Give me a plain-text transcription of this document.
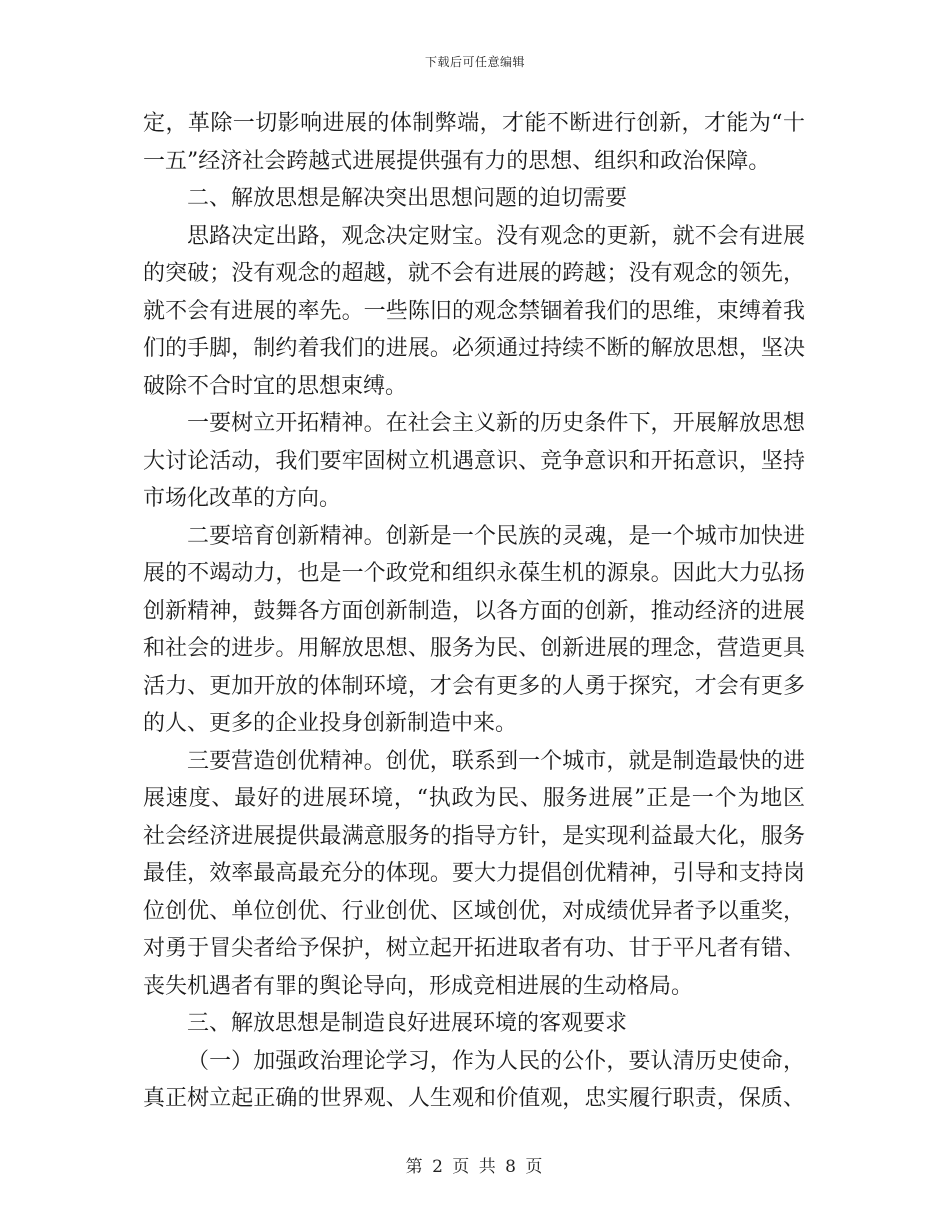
下载后可任意编辑
定，革除一切影响进展的体制弊端，才能不断进行创新，才能为“十
一五”经济社会跨越式进展提供强有力的思想、组织和政治保障。
二、解放思想是解决突出思想问题的迫切需要
思路决定出路，观念决定财宝。没有观念的更新，就不会有进展
的突破；没有观念的超越，就不会有进展的跨越；没有观念的领先，
就不会有进展的率先。一些陈旧的观念禁锢着我们的思维，束缚着我
们的手脚，制约着我们的进展。必须通过持续不断的解放思想，坚决
破除不合时宜的思想束缚。
一要树立开拓精神。在社会主义新的历史条件下，开展解放思想
大讨论活动，我们要牢固树立机遇意识、竞争意识和开拓意识，坚持
市场化改革的方向。
二要培育创新精神。创新是一个民族的灵魂，是一个城市加快进
展的不竭动力，也是一个政党和组织永葆生机的源泉。因此大力弘扬
创新精神，鼓舞各方面创新制造，以各方面的创新，推动经济的进展
和社会的进步。用解放思想、服务为民、创新进展的理念，营造更具
活力、更加开放的体制环境，才会有更多的人勇于探究，才会有更多
的人、更多的企业投身创新制造中来。
三要营造创优精神。创优，联系到一个城市，就是制造最快的进
展速度、最好的进展环境，“执政为民、服务进展”正是一个为地区
社会经济进展提供最满意服务的指导方针，是实现利益最大化，服务
最佳，效率最高最充分的体现。要大力提倡创优精神，引导和支持岗
位创优、单位创优、行业创优、区域创优，对成绩优异者予以重奖，
对勇于冒尖者给予保护，树立起开拓进取者有功、甘于平凡者有错、
丧失机遇者有罪的舆论导向，形成竞相进展的生动格局。
三、解放思想是制造良好进展环境的客观要求
（一）加强政治理论学习，作为人民的公仆，要认清历史使命，
真正树立起正确的世界观、人生观和价值观，忠实履行职责，保质、
第 2 页 共 8 页
